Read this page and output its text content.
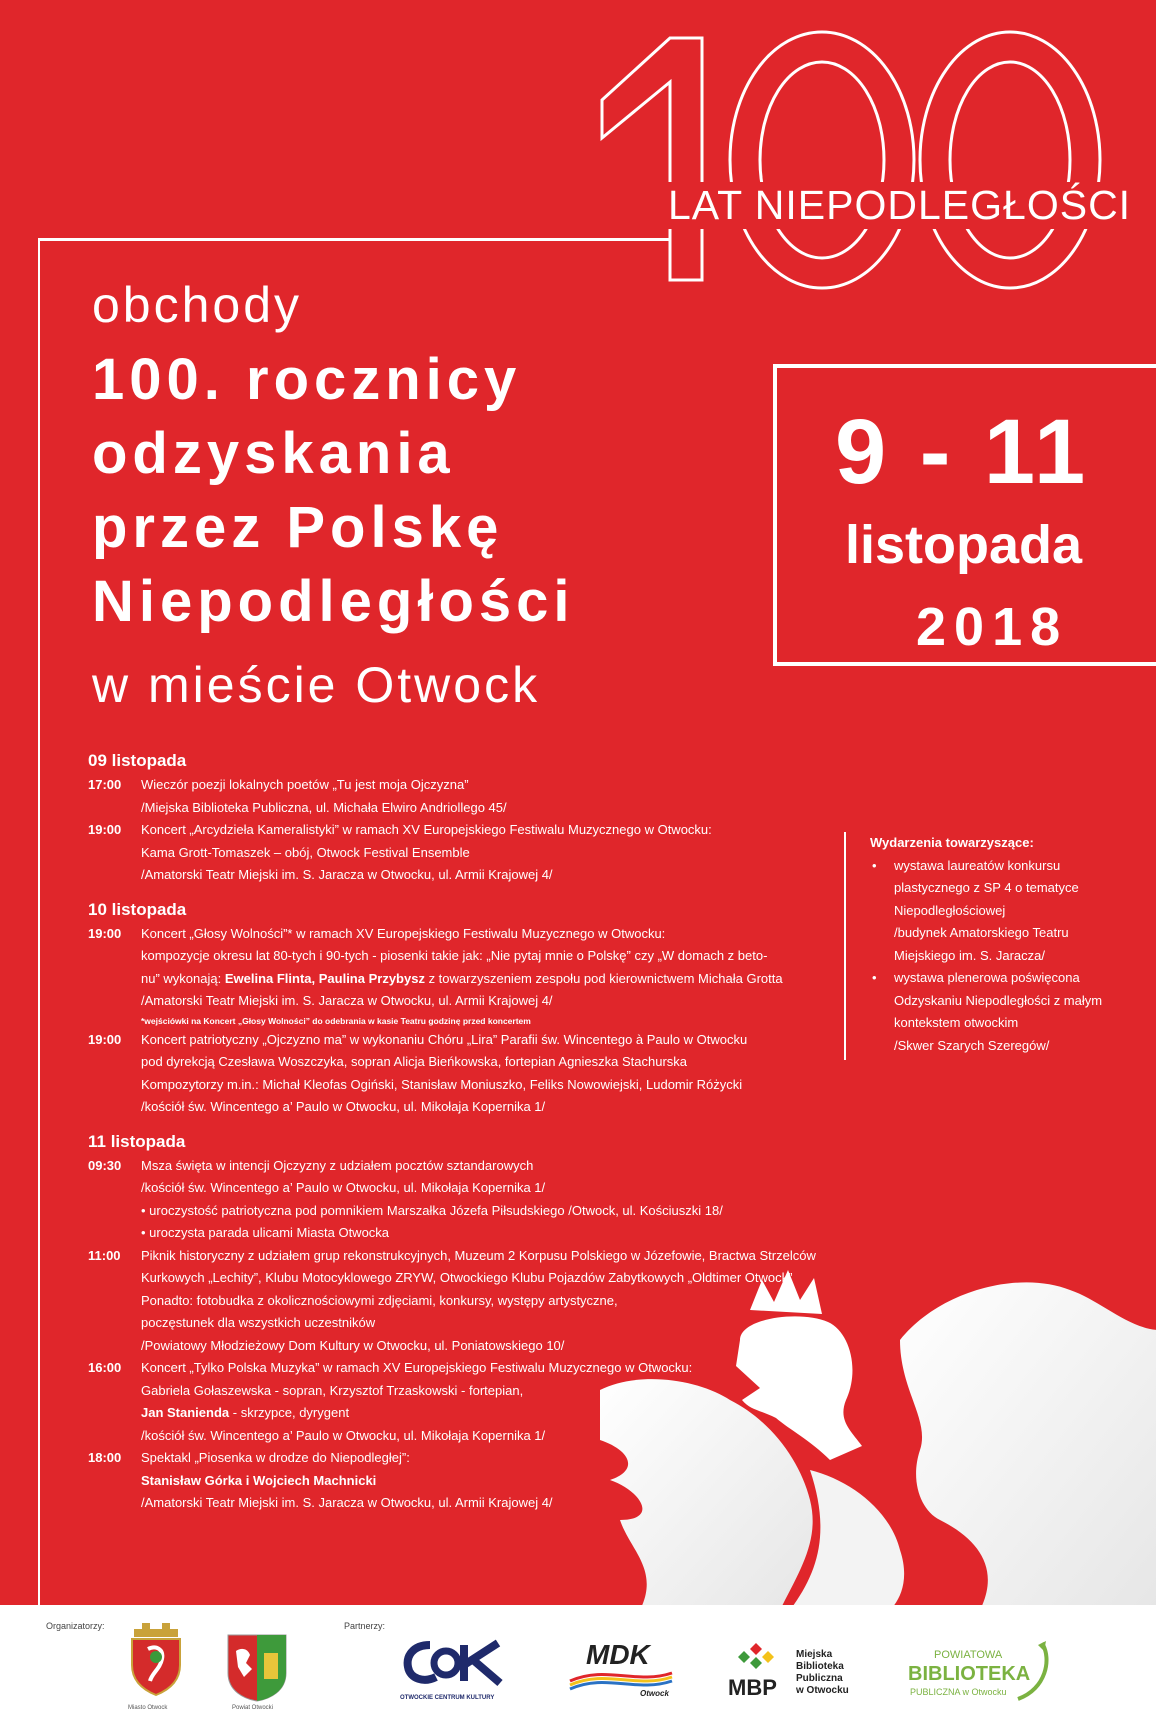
LAT NIEPODLEGŁOŚCI
obchody
100. rocznicy
odzyskania
przez Polskę
Niepodległości
w mieście Otwock
9 - 11
listopada
2018
09 listopada
17:00	Wieczór poezji lokalnych poetów „Tu jest moja Ojczyzna”
/Miejska Biblioteka Publiczna, ul. Michała Elwiro Andriollego 45/
19:00	Koncert „Arcydzieła Kameralistyki” w ramach XV Europejskiego Festiwalu Muzycznego w Otwocku:
Kama Grott-Tomaszek – obój, Otwock Festival Ensemble
/Amatorski Teatr Miejski im. S. Jaracza w Otwocku, ul. Armii Krajowej 4/
10 listopada
19:00	Koncert „Głosy Wolności”* w ramach XV Europejskiego Festiwalu Muzycznego w Otwocku:
kompozycje okresu lat 80-tych i 90-tych - piosenki takie jak: „Nie pytaj mnie o Polskę” czy „W domach z beto-
nu” wykonają: Ewelina Flinta, Paulina Przybysz z towarzyszeniem zespołu pod kierownictwem Michała Grotta
/Amatorski Teatr Miejski im. S. Jaracza w Otwocku, ul. Armii Krajowej 4/
*wejściówki na Koncert „Głosy Wolności” do odebrania w kasie Teatru godzinę przed koncertem
19:00	Koncert patriotyczny „Ojczyzno ma” w wykonaniu Chóru „Lira” Parafii św. Wincentego à Paulo w Otwocku
pod dyrekcją Czesława Woszczyka, sopran Alicja Bieńkowska, fortepian Agnieszka Stachurska
Kompozytorzy m.in.: Michał Kleofas Ogiński, Stanisław Moniuszko, Feliks Nowowiejski, Ludomir Różycki
/kościół św. Wincentego a’ Paulo w Otwocku, ul. Mikołaja Kopernika 1/
11 listopada
09:30	Msza święta w intencji Ojczyzny z udziałem pocztów sztandarowych
/kościół św. Wincentego a’ Paulo w Otwocku, ul. Mikołaja Kopernika 1/
• uroczystość patriotyczna pod pomnikiem Marszałka Józefa Piłsudskiego /Otwock, ul. Kościuszki 18/
• uroczysta parada ulicami Miasta Otwocka
11:00	Piknik historyczny z udziałem grup rekonstrukcyjnych, Muzeum 2 Korpusu Polskiego w Józefowie, Bractwa Strzelców
Kurkowych „Lechity”, Klubu Motocyklowego ZRYW, Otwockiego Klubu Pojazdów Zabytkowych „Oldtimer Otwock”
Ponadto: fotobudka z okolicznościowymi zdjęciami, konkursy, występy artystyczne,
poczęstunek dla wszystkich uczestników
/Powiatowy Młodzieżowy Dom Kultury w Otwocku, ul. Poniatowskiego 10/
16:00	Koncert „Tylko Polska Muzyka” w ramach XV Europejskiego Festiwalu Muzycznego w Otwocku:
Gabriela Gołaszewska - sopran, Krzysztof Trzaskowski - fortepian,
Jan Stanienda - skrzypce, dyrygent
/kościół św. Wincentego a’ Paulo w Otwocku, ul. Mikołaja Kopernika 1/
18:00	Spektakl „Piosenka w drodze do Niepodległej”:
Stanisław Górka i Wojciech Machnicki
/Amatorski Teatr Miejski im. S. Jaracza w Otwocku, ul. Armii Krajowej 4/
Wydarzenia towarzyszące:
• wystawa laureatów konkursu
plastycznego z SP 4 o tematyce
Niepodległościowej
/budynek Amatorskiego Teatru
Miejskiego im. S. Jaracza/
• wystawa plenerowa poświęcona
Odzyskaniu Niepodległości z małym
kontekstem otwockim
/Skwer Szarych Szeregów/
Organizatorzy:	Partnerzy:
Miasto Otwock	Powiat Otwocki
OTWOCKIE CENTRUM KULTURY
MDK
Otwock	MBP
Miejska
Biblioteka
Publiczna
w Otwocku
POWIATOWA
BIBLIOTEKA
PUBLICZNA w Otwocku
